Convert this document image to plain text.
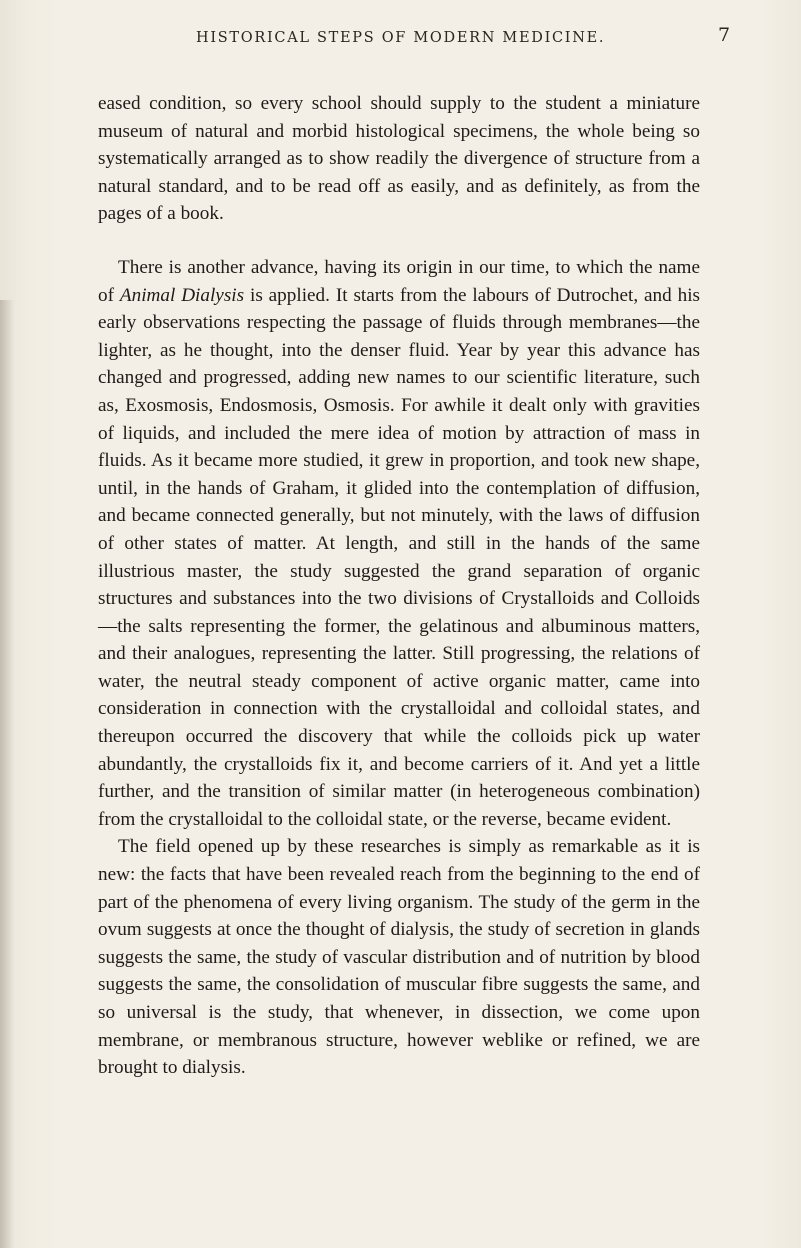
HISTORICAL STEPS OF MODERN MEDICINE.	7

eased condition, so every school should supply to the student a miniature museum of natural and morbid histological specimens, the whole being so systematically arranged as to show readily the divergence of structure from a natural standard, and to be read off as easily, and as definitely, as from the pages of a book.

There is another advance, having its origin in our time, to which the name of Animal Dialysis is applied. It starts from the labours of Dutrochet, and his early observations respecting the passage of fluids through membranes—the lighter, as he thought, into the denser fluid. Year by year this advance has changed and progressed, adding new names to our scientific literature, such as, Exosmosis, Endosmosis, Osmosis. For awhile it dealt only with gravities of liquids, and included the mere idea of motion by attraction of mass in fluids. As it became more studied, it grew in proportion, and took new shape, until, in the hands of Graham, it glided into the contemplation of diffusion, and became connected generally, but not minutely, with the laws of diffusion of other states of matter. At length, and still in the hands of the same illustrious master, the study suggested the grand separation of organic structures and substances into the two divisions of Crystalloids and Colloids—the salts representing the former, the gelatinous and albuminous matters, and their analogues, representing the latter. Still progressing, the relations of water, the neutral steady component of active organic matter, came into consideration in connection with the crystalloidal and colloidal states, and thereupon occurred the discovery that while the colloids pick up water abundantly, the crystalloids fix it, and become carriers of it. And yet a little further, and the transition of similar matter (in heterogeneous combination) from the crystalloidal to the colloidal state, or the reverse, became evident.

The field opened up by these researches is simply as remarkable as it is new: the facts that have been revealed reach from the beginning to the end of part of the phenomena of every living organism. The study of the germ in the ovum suggests at once the thought of dialysis, the study of secretion in glands suggests the same, the study of vascular distribution and of nutrition by blood suggests the same, the consolidation of muscular fibre suggests the same, and so universal is the study, that whenever, in dissection, we come upon membrane, or membranous structure, however weblike or refined, we are brought to dialysis.
